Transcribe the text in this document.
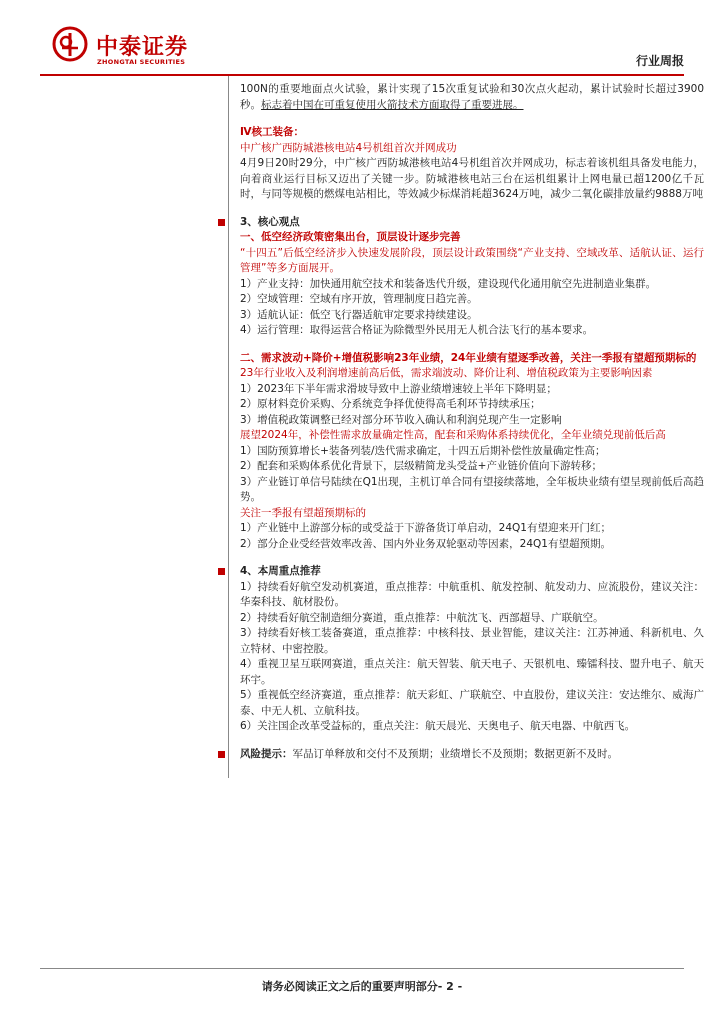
中泰证券
ZHONGTAI SECURITIES	行业周报

100N的重要地面点火试验，累计实现了15次重复试验和30次点火起动，累计试验时长超过3900秒。标志着中国在可重复使用火箭技术方面取得了重要进展。

Ⅳ核工装备：

中广核广西防城港核电站4号机组首次并网成功

4月9日20时29分，中广核广西防城港核电站4号机组首次并网成功，标志着该机组具备发电能力，向着商业运行目标又迈出了关键一步。防城港核电站三台在运机组累计上网电量已超1200亿千瓦时，与同等规模的燃煤电站相比，等效减少标煤消耗超3624万吨，减少二氧化碳排放量约9888万吨

3、核心观点

一、低空经济政策密集出台，顶层设计逐步完善

“十四五”后低空经济步入快速发展阶段，顶层设计政策围绕“产业支持、空域改革、适航认证、运行管理”等多方面展开。

1）产业支持：加快通用航空技术和装备迭代升级，建设现代化通用航空先进制造业集群。

2）空域管理：空域有序开放，管理制度日趋完善。

3）适航认证：低空飞行器适航审定要求持续建设。

4）运行管理：取得运营合格证为除微型外民用无人机合法飞行的基本要求。

二、需求波动+降价+增值税影响23年业绩，24年业绩有望逐季改善，关注一季报有望超预期标的

23年行业收入及利润增速前高后低，需求端波动、降价让利、增值税政策为主要影响因素

1）2023年下半年需求滑坡导致中上游业绩增速较上半年下降明显；

2）原材料竞价采购、分系统竞争择优使得高毛利环节持续承压；

3）增值税政策调整已经对部分环节收入确认和利润兑现产生一定影响

展望2024年，补偿性需求放量确定性高，配套和采购体系持续优化，全年业绩兑现前低后高

1）国防预算增长+装备列装/迭代需求确定，十四五后期补偿性放量确定性高；

2）配套和采购体系优化背景下，层级精简龙头受益+产业链价值向下游转移；

3）产业链订单信号陆续在Q1出现，主机订单合同有望接续落地，全年板块业绩有望呈现前低后高趋势。

关注一季报有望超预期标的

1）产业链中上游部分标的或受益于下游备货订单启动，24Q1有望迎来开门红；

2）部分企业受经营效率改善、国内外业务双轮驱动等因素，24Q1有望超预期。

4、本周重点推荐

1）持续看好航空发动机赛道，重点推荐：中航重机、航发控制、航发动力、应流股份，建议关注：华秦科技、航材股份。

2）持续看好航空制造细分赛道，重点推荐：中航沈飞、西部超导、广联航空。

3）持续看好核工装备赛道，重点推荐：中核科技、景业智能，建议关注：江苏神通、科新机电、久立特材、中密控股。

4）重视卫星互联网赛道，重点关注：航天智装、航天电子、天银机电、臻镭科技、盟升电子、航天环宇。

5）重视低空经济赛道，重点推荐：航天彩虹、广联航空、中直股份，建议关注：安达维尔、威海广泰、中无人机、立航科技。

6）关注国企改革受益标的，重点关注：航天晨光、天奥电子、航天电器、中航西飞。

风险提示：军品订单释放和交付不及预期；业绩增长不及预期；数据更新不及时。

请务必阅读正文之后的重要声明部分- 2 -
